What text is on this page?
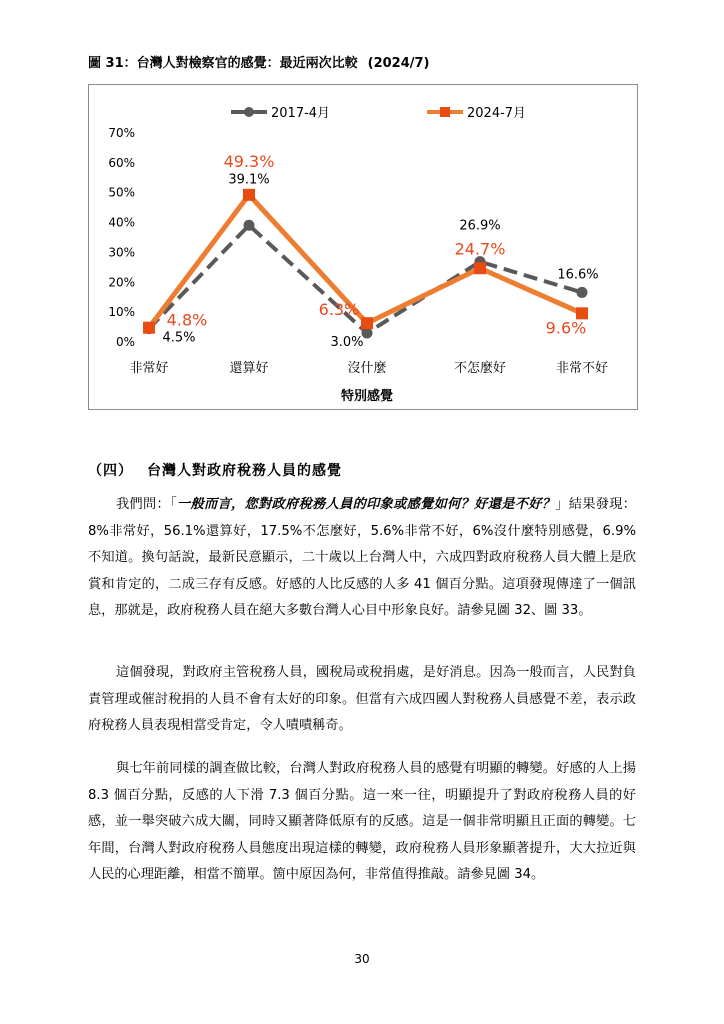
圖 31：台灣人對檢察官的感覺：最近兩次比較 (2024/7)
0%
10%
20%
30%
40%
50%
60%
70%
非常好	還算好	沒什麼	不怎麼好	非常不好
特別感覺
2017-4月	2024-7月
4.5%
39.1%
3.0%
26.9%
16.6%
4.8%
49.3%
6.3%
24.7%
9.6%
（四） 台灣人對政府稅務人員的感覺

我們問：「一般而言，您對政府稅務人員的印象或感覺如何？好還是不好？」結果發現：8%非常好，56.1%還算好，17.5%不怎麼好，5.6%非常不好，6%沒什麼特別感覺，6.9%不知道。換句話說，最新民意顯示，二十歲以上台灣人中，六成四對政府稅務人員大體上是欣賞和肯定的，二成三存有反感。好感的人比反感的人多 41 個百分點。這項發現傳達了一個訊息，那就是，政府稅務人員在絕大多數台灣人心目中形象良好。請參見圖 32、圖 33。

這個發現，對政府主管稅務人員，國稅局或稅捐處，是好消息。因為一般而言，人民對負責管理或催討稅捐的人員不會有太好的印象。但當有六成四國人對稅務人員感覺不差，表示政府稅務人員表現相當受肯定，令人嘖嘖稱奇。

與七年前同樣的調查做比較，台灣人對政府稅務人員的感覺有明顯的轉變。好感的人上揚 8.3 個百分點，反感的人下滑 7.3 個百分點。這一來一往，明顯提升了對政府稅務人員的好感，並一舉突破六成大關，同時又顯著降低原有的反感。這是一個非常明顯且正面的轉變。七年間，台灣人對政府稅務人員態度出現這樣的轉變，政府稅務人員形象顯著提升，大大拉近與人民的心理距離，相當不簡單。箇中原因為何，非常值得推敲。請參見圖 34。

30
